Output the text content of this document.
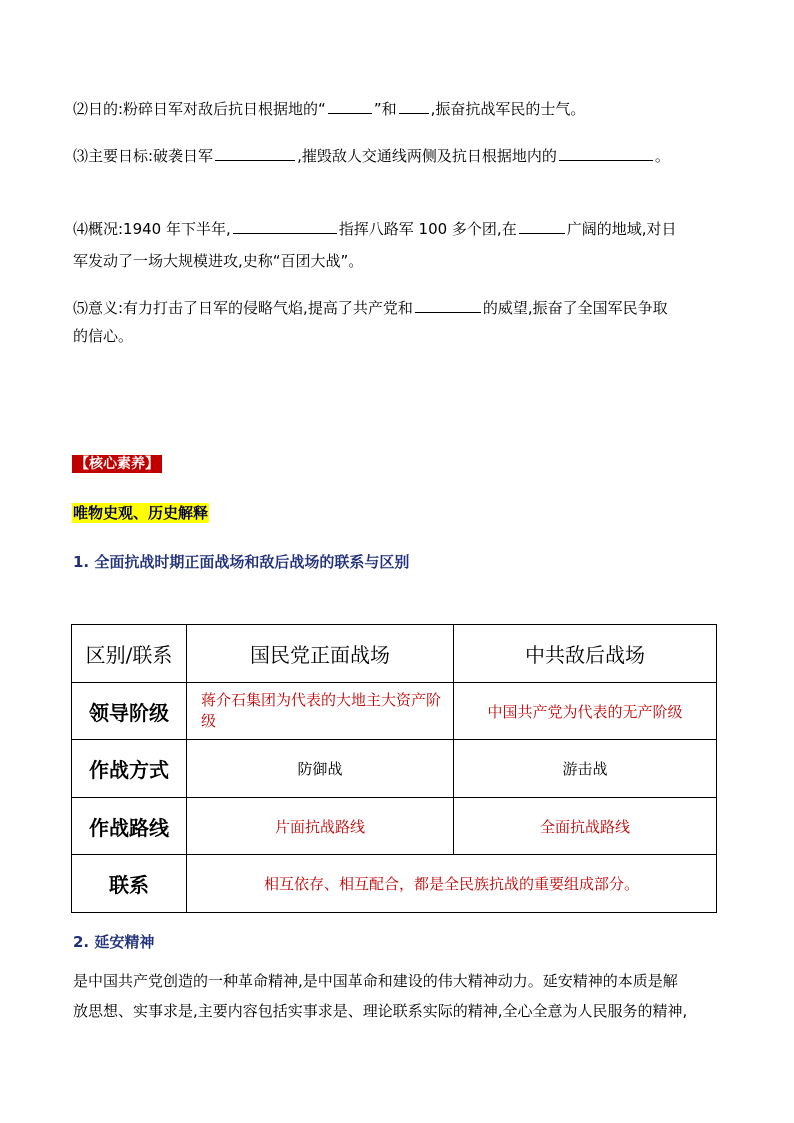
⑵日的:粉碎日军对敌后抗日根据地的“	”和 ,振奋抗战军民的士气。
⑶主要日标:破袭日军	,摧毁敌人交通线两侧及抗日根据地内的	。
⑷概况:1940 年下半年,	指挥八路军 100 多个团,在	广阔的地域,对日
军发动了一场大规模进攻,史称“百团大战”。
⑸意义:有力打击了日军的侵略气焰,提高了共产党和	的威望,振奋了全国军民争取
的信心。
【核心素养】
唯物史观、历史解释
1. 全面抗战时期正面战场和敌后战场的联系与区别
区别/联系	国民党正面战场	中共敌后战场
领导阶级	蒋介石集团为代表的大地主大资产阶级	中国共产党为代表的无产阶级
作战方式	防御战	游击战
作战路线	片面抗战路线	全面抗战路线
联系	相互依存、相互配合，都是全民族抗战的重要组成部分。	
2. 延安精神
是中国共产党创造的一种革命精神,是中国革命和建设的伟大精神动力。延安精神的本质是解
放思想、实事求是,主要内容包括实事求是、理论联系实际的精神,全心全意为人民服务的精神,
